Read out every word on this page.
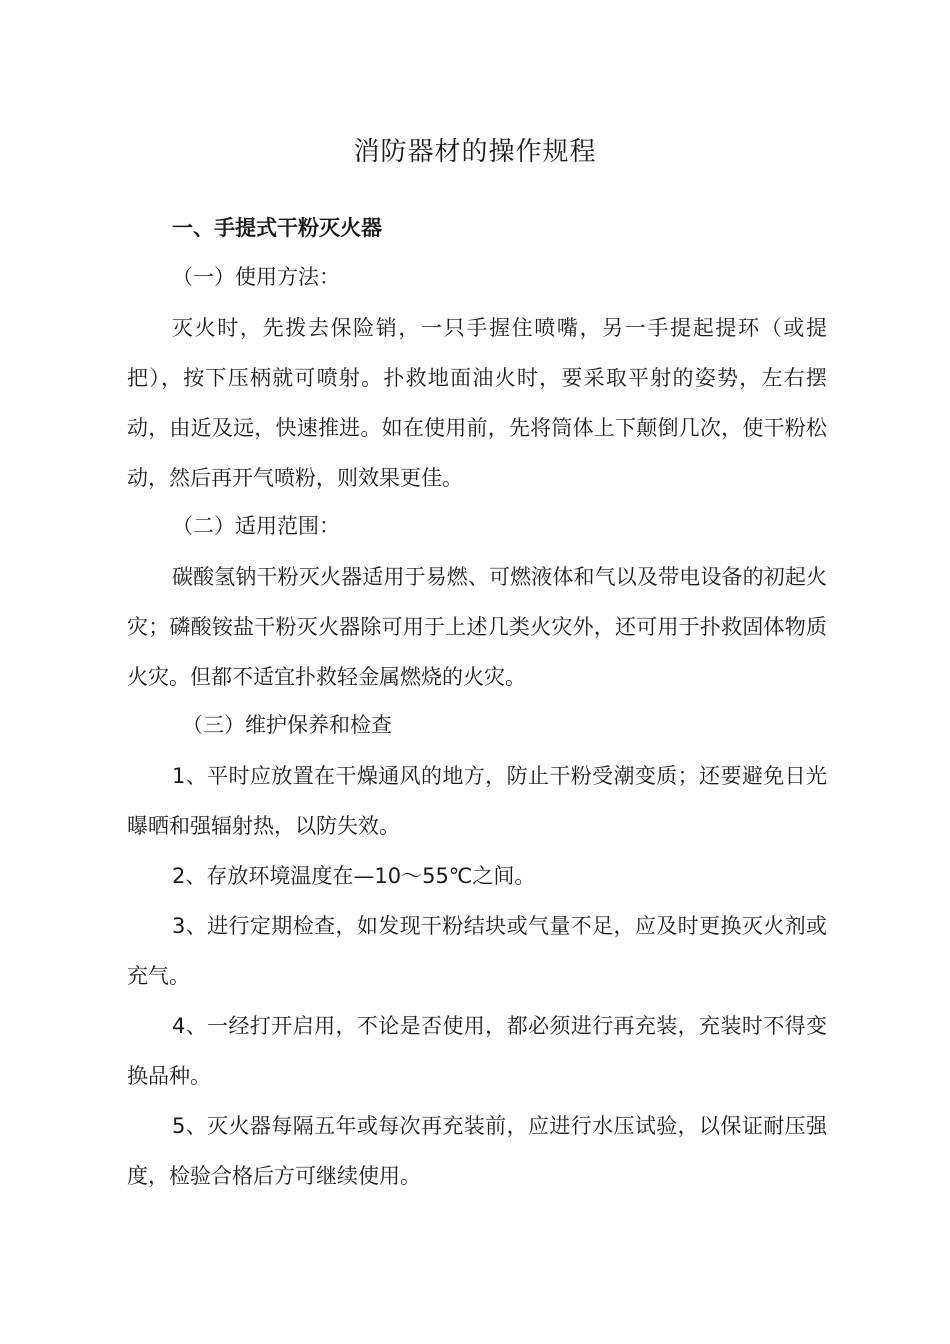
消防器材的操作规程
一、手提式干粉灭火器
（一）使用方法：

灭火时，先拨去保险销，一只手握住喷嘴，另一手提起提环（或提把），按下压柄就可喷射。扑救地面油火时，要采取平射的姿势，左右摆动，由近及远，快速推进。如在使用前，先将筒体上下颠倒几次，使干粉松动，然后再开气喷粉，则效果更佳。

（二）适用范围：

碳酸氢钠干粉灭火器适用于易燃、可燃液体和气以及带电设备的初起火灾；磷酸铵盐干粉灭火器除可用于上述几类火灾外，还可用于扑救固体物质火灾。但都不适宜扑救轻金属燃烧的火灾。

（三）维护保养和检查

1、平时应放置在干燥通风的地方，防止干粉受潮变质；还要避免日光曝晒和强辐射热，以防失效。

2、存放环境温度在—10～55℃之间。

3、进行定期检查，如发现干粉结块或气量不足，应及时更换灭火剂或充气。

4、一经打开启用，不论是否使用，都必须进行再充装，充装时不得变换品种。

5、灭火器每隔五年或每次再充装前，应进行水压试验，以保证耐压强度，检验合格后方可继续使用。
